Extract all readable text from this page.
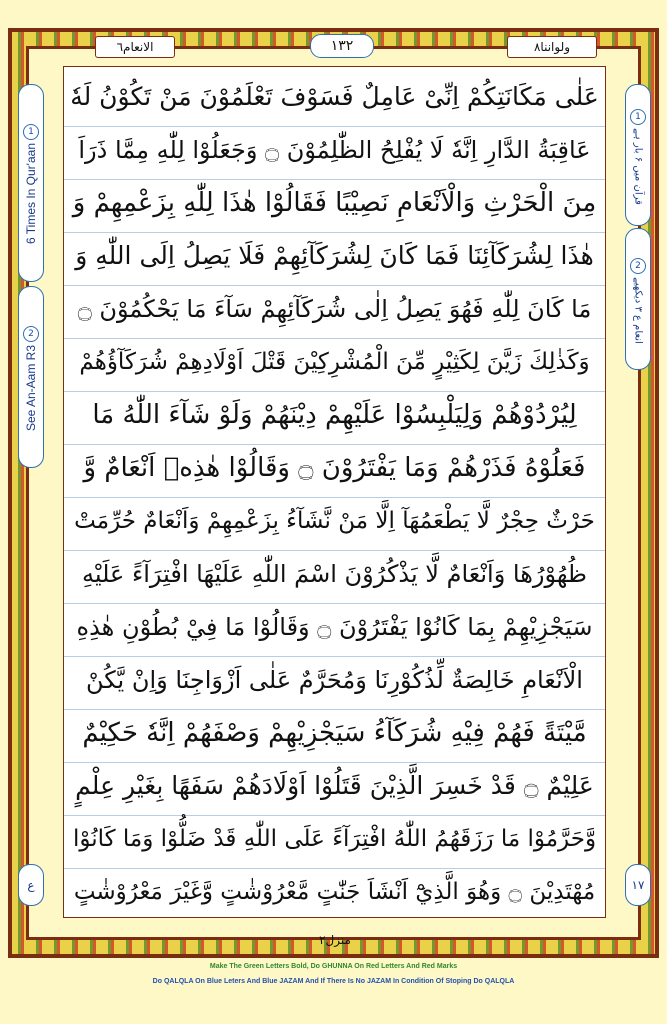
ولواننا٨
١٣٢
الانعام٦
1
6 Times In Qur'aan
2
See An-Aam R3
ع
1
قرآن میں ۶ بار ہے
2
انعام ع ۳ دیکھیے
١٧
عَلٰى مَكَانَتِكُمْ اِنِّىْ عَامِلٌ فَسَوْفَ تَعْلَمُوْنَ مَنْ تَكُوْنُ لَهٗ
عَاقِبَةُ الدَّارِ اِنَّهٗ لَا يُفْلِحُ الظّٰلِمُوْنَ ۝ وَجَعَلُوْا لِلّٰهِ مِمَّا ذَرَاَ
مِنَ الْحَرْثِ وَالْاَنْعَامِ نَصِيْبًا فَقَالُوْا هٰذَا لِلّٰهِ بِزَعْمِهِمْ وَ
هٰذَا لِشُرَكَآئِنَا فَمَا كَانَ لِشُرَكَآئِهِمْ فَلَا يَصِلُ اِلَى اللّٰهِ وَ
مَا كَانَ لِلّٰهِ فَهُوَ يَصِلُ اِلٰى شُرَكَآئِهِمْ سَآءَ مَا يَحْكُمُوْنَ ۝
وَكَذٰلِكَ زَيَّنَ لِكَثِيْرٍ مِّنَ الْمُشْرِكِيْنَ قَتْلَ اَوْلَادِهِمْ شُرَكَآؤُهُمْ
لِيُرْدُوْهُمْ وَلِيَلْبِسُوْا عَلَيْهِمْ دِيْنَهُمْ وَلَوْ شَآءَ اللّٰهُ مَا
فَعَلُوْهُ فَذَرْهُمْ وَمَا يَفْتَرُوْنَ ۝ وَقَالُوْا هٰذِهٖ اَنْعَامٌ وَّ
حَرْثٌ حِجْرٌ لَّا يَطْعَمُهَآ اِلَّا مَنْ نَّشَآءُ بِزَعْمِهِمْ وَاَنْعَامٌ حُرِّمَتْ
ظُهُوْرُهَا وَاَنْعَامٌ لَّا يَذْكُرُوْنَ اسْمَ اللّٰهِ عَلَيْهَا افْتِرَآءً عَلَيْهِ
سَيَجْزِيْهِمْ بِمَا كَانُوْا يَفْتَرُوْنَ ۝ وَقَالُوْا مَا فِيْ بُطُوْنِ هٰذِهِ
الْاَنْعَامِ خَالِصَةٌ لِّذُكُوْرِنَا وَمُحَرَّمٌ عَلٰى اَزْوَاجِنَا وَاِنْ يَّكُنْ
مَّيْتَةً فَهُمْ فِيْهِ شُرَكَآءُ سَيَجْزِيْهِمْ وَصْفَهُمْ اِنَّهٗ حَكِيْمٌ
عَلِيْمٌ ۝ قَدْ خَسِرَ الَّذِيْنَ قَتَلُوْا اَوْلَادَهُمْ سَفَهًا بِغَيْرِ عِلْمٍ
وَّحَرَّمُوْا مَا رَزَقَهُمُ اللّٰهُ افْتِرَآءً عَلَى اللّٰهِ قَدْ ضَلُّوْا وَمَا كَانُوْا
مُهْتَدِيْنَ ۝ وَهُوَ الَّذِيْٓ اَنْشَاَ جَنّٰتٍ مَّعْرُوْشٰتٍ وَّغَيْرَ مَعْرُوْشٰتٍ
منزل٢
Make The Green Letters Bold, Do GHUNNA On Red Letters And Red Marks
Do QALQLA On Blue Leters And Blue JAZAM And If There Is No JAZAM In Condition Of Stoping Do QALQLA
